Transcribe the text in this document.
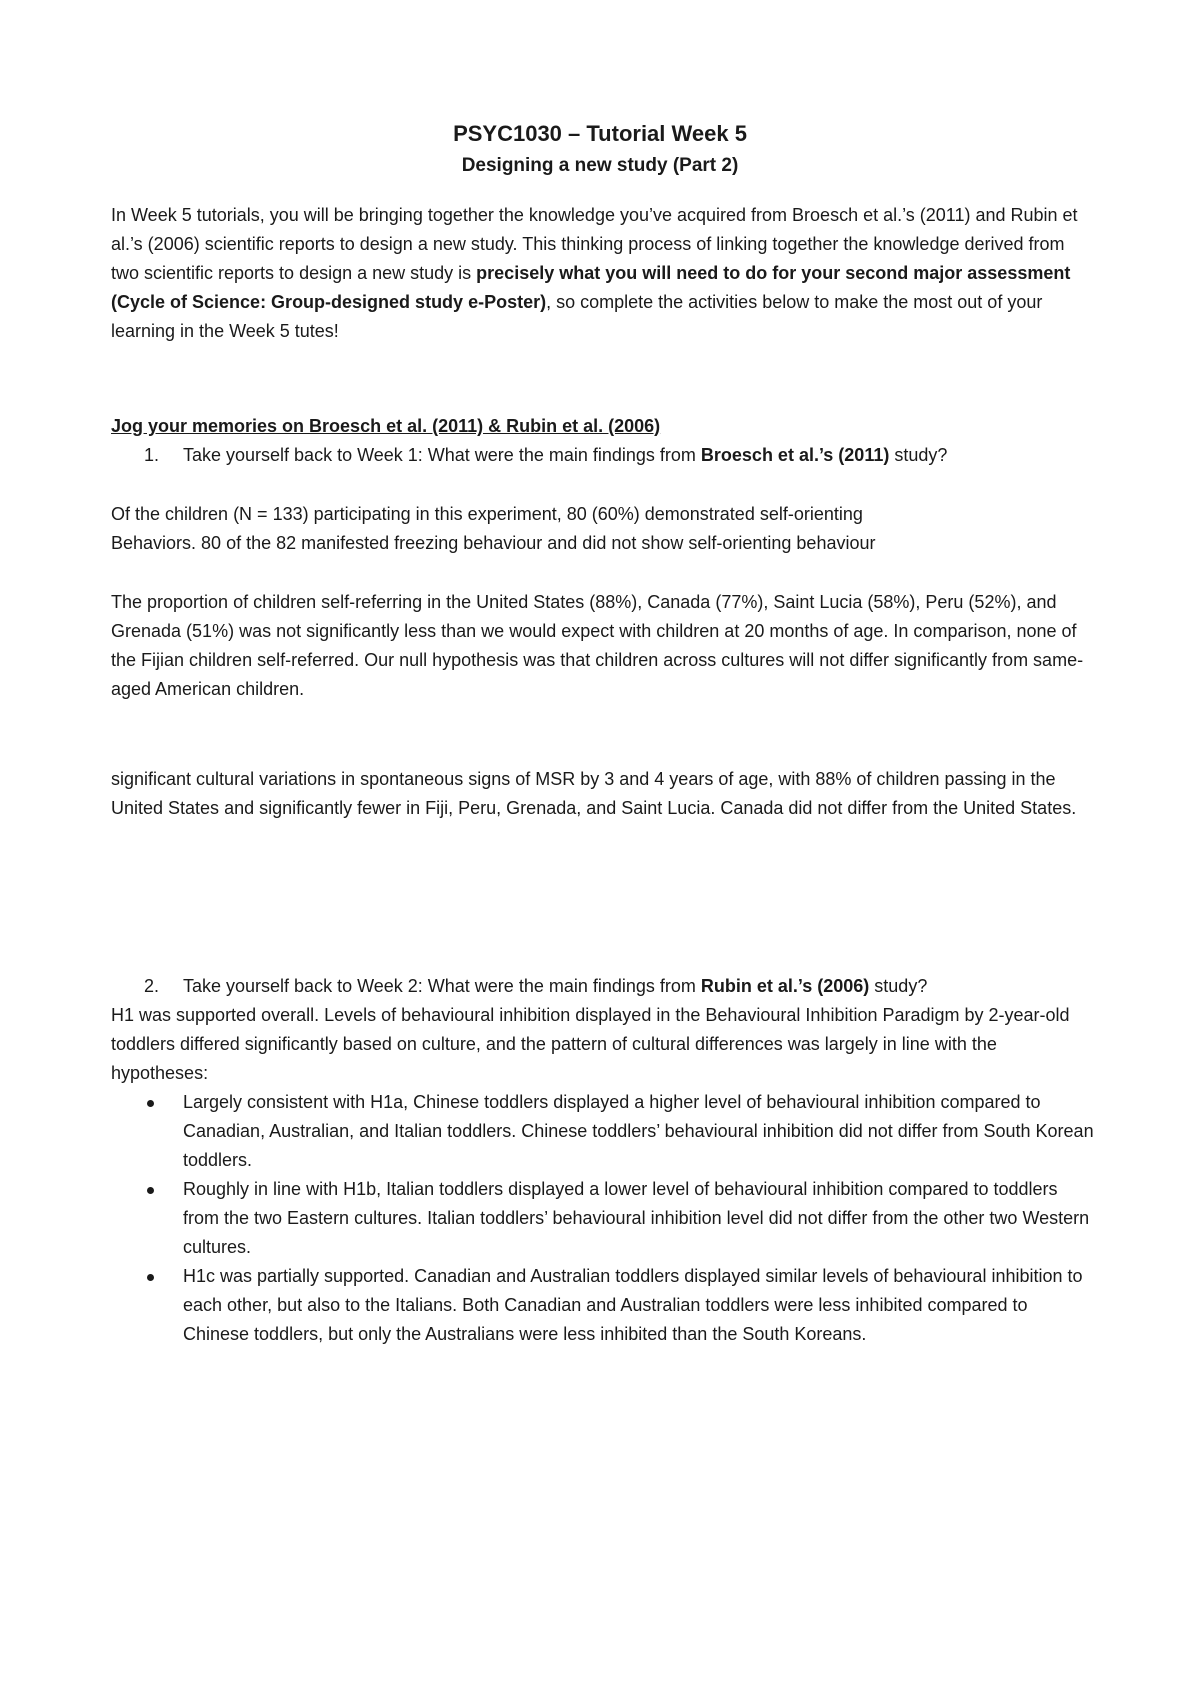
PSYC1030 – Tutorial Week 5
Designing a new study (Part 2)

In Week 5 tutorials, you will be bringing together the knowledge you’ve acquired from Broesch et al.’s (2011) and Rubin et al.’s (2006) scientific reports to design a new study. This thinking process of linking together the knowledge derived from two scientific reports to design a new study is precisely what you will need to do for your second major assessment (Cycle of Science: Group-designed study e-Poster), so complete the activities below to make the most out of your learning in the Week 5 tutes!

Jog your memories on Broesch et al. (2011) & Rubin et al. (2006)
1.	Take yourself back to Week 1: What were the main findings from Broesch et al.’s (2011) study?

Of the children (N = 133) participating in this experiment, 80 (60%) demonstrated self-orienting

Behaviors. 80 of the 82 manifested freezing behaviour and did not show self-orienting behaviour

The proportion of children self-referring in the United States (88%), Canada (77%), Saint Lucia (58%), Peru (52%), and Grenada (51%) was not significantly less than we would expect with children at 20 months of age. In comparison, none of the Fijian children self-referred. Our null hypothesis was that children across cultures will not differ significantly from same-aged American children.

significant cultural variations in spontaneous signs of MSR by 3 and 4 years of age, with 88% of children passing in the United States and significantly fewer in Fiji, Peru, Grenada, and Saint Lucia. Canada did not differ from the United States.

2.	Take yourself back to Week 2: What were the main findings from Rubin et al.’s (2006) study?

H1 was supported overall. Levels of behavioural inhibition displayed in the Behavioural Inhibition Paradigm by 2-year-old toddlers differed significantly based on culture, and the pattern of cultural differences was largely in line with the hypotheses:

Largely consistent with H1a, Chinese toddlers displayed a higher level of behavioural inhibition compared to Canadian, Australian, and Italian toddlers. Chinese toddlers’ behavioural inhibition did not differ from South Korean toddlers.
Roughly in line with H1b, Italian toddlers displayed a lower level of behavioural inhibition compared to toddlers from the two Eastern cultures. Italian toddlers’ behavioural inhibition level did not differ from the other two Western cultures.
H1c was partially supported. Canadian and Australian toddlers displayed similar levels of behavioural inhibition to each other, but also to the Italians. Both Canadian and Australian toddlers were less inhibited compared to Chinese toddlers, but only the Australians were less inhibited than the South Koreans.
